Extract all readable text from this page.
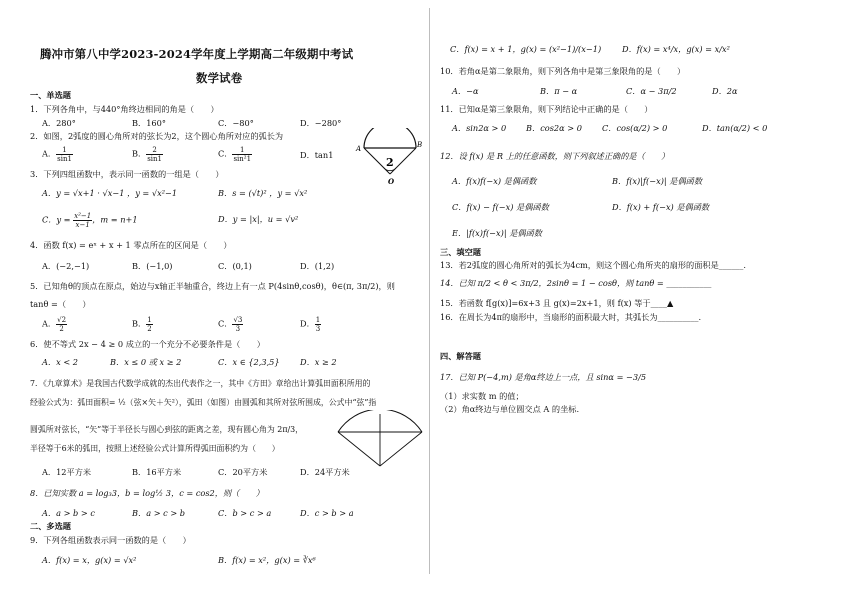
腾冲市第八中学2023-2024学年度上学期高二年级期中考试
数学试卷
一、单选题
1．下列各角中，与440°角终边相同的角是（　　）
A．280°	B．160°	C．−80°	D．−280°
2．如图，2弧度的圆心角所对的弦长为2，这个圆心角所对应的弧长为
A． $\frac{1}{\sin 1}$	B． $\frac{2}{\sin 1}$	C． $\frac{1}{\text{sin²1}}$	D．tan1
A	B
O
2
3．下列四组函数中，表示同一函数的一组是（　　）
A．y = √x+1 · √x−1 ，y = √x²−1	B．s = (√t)² ，y = √x²
C．$y = \frac{\text{x²−1}}{x-1}$ ，m = n+1	D．y = |x|，u = √v²
4．函数 f(x) = eˣ + x + 1 零点所在的区间是（　　）
A．(−2,−1)	B．(−1,0)	C．(0,1)	D．(1,2)
5．已知角θ的顶点在原点，始边与x轴正半轴重合，终边上有一点 P(4sinθ,cosθ)，θ∈(π, 3π/2)，则
tanθ =（　　）
A． $\frac{√2}{2}$	B． $\frac{1}{2}$	C． $\frac{√3}{3}$	D． $\frac{1}{3}$
6．使不等式 2x − 4 ≥ 0 成立的一个充分不必要条件是（　　）
A．x < 2	B．x ≤ 0 或 x ≥ 2	C．x ∈ {2,3,5} D．x ≥ 2
7．《九章算术》是我国古代数学成就的杰出代表作之一，其中《方田》章给出计算弧田面积所用的
经验公式为：弧田面积= ½（弦×矢＋矢²），弧田（如图）由圆弧和其所对弦所围成，公式中“弦”指
圆弧所对弦长，“矢”等于半径长与圆心到弦的距离之差，现有圆心角为 2π/3，
半径等于6米的弧田，按照上述经验公式计算所得弧田面积约为（　　）
A．12平方米	B．16平方米	C．20平方米	D．24平方米
8．已知实数 a = log₃3，b = log½ 3，c = cos2，则（　　）
A．a > b > c	B．a > c > b	C．b > c > a	D．c > b > a
二、多选题
9．下列各组函数表示同一函数的是（　　）
A．f(x) = x，g(x) = √x²	B．f(x) = x²，g(x) = ∛x⁶
C．f(x) = x + 1，g(x) = (x²−1)/(x−1)	D．f(x) = x⁴/x，g(x) = x/x²
10．若角α是第二象限角，则下列各角中是第三象限角的是（　　）
A．−α	B．π − α	C．α − 3π/2	D．2α
11．已知α是第三象限角，则下列结论中正确的是（　　）
A．sin2α > 0 B．cos2α > 0 C．cos(α/2) > 0	D．tan(α/2) < 0
12．设 f(x) 是 R 上的任意函数，则下列叙述正确的是（　　）
A．f(x)f(−x) 是偶函数	B．f(x)|f(−x)| 是偶函数
C．f(x) − f(−x) 是偶函数	D．f(x) + f(−x) 是偶函数
E．|f(x)f(−x)| 是偶函数
三、填空题
13．若2弧度的圆心角所对的弧长为4cm，则这个圆心角所夹的扇形的面积是______.
14．已知 π/2 < θ < 3π/2，2sinθ = 1 − cosθ，则 tanθ = ___________
15．若函数 f[g(x)]=6x+3 且 g(x)=2x+1，则 f(x) 等于____▲
16．在周长为4π的扇形中，当扇形的面积最大时，其弧长为__________.
四、解答题
17．已知 P(−4,m) 是角α终边上一点，且 sinα = −3/5
（1）求实数 m 的值；
（2）角α终边与单位圆交点 A 的坐标.
